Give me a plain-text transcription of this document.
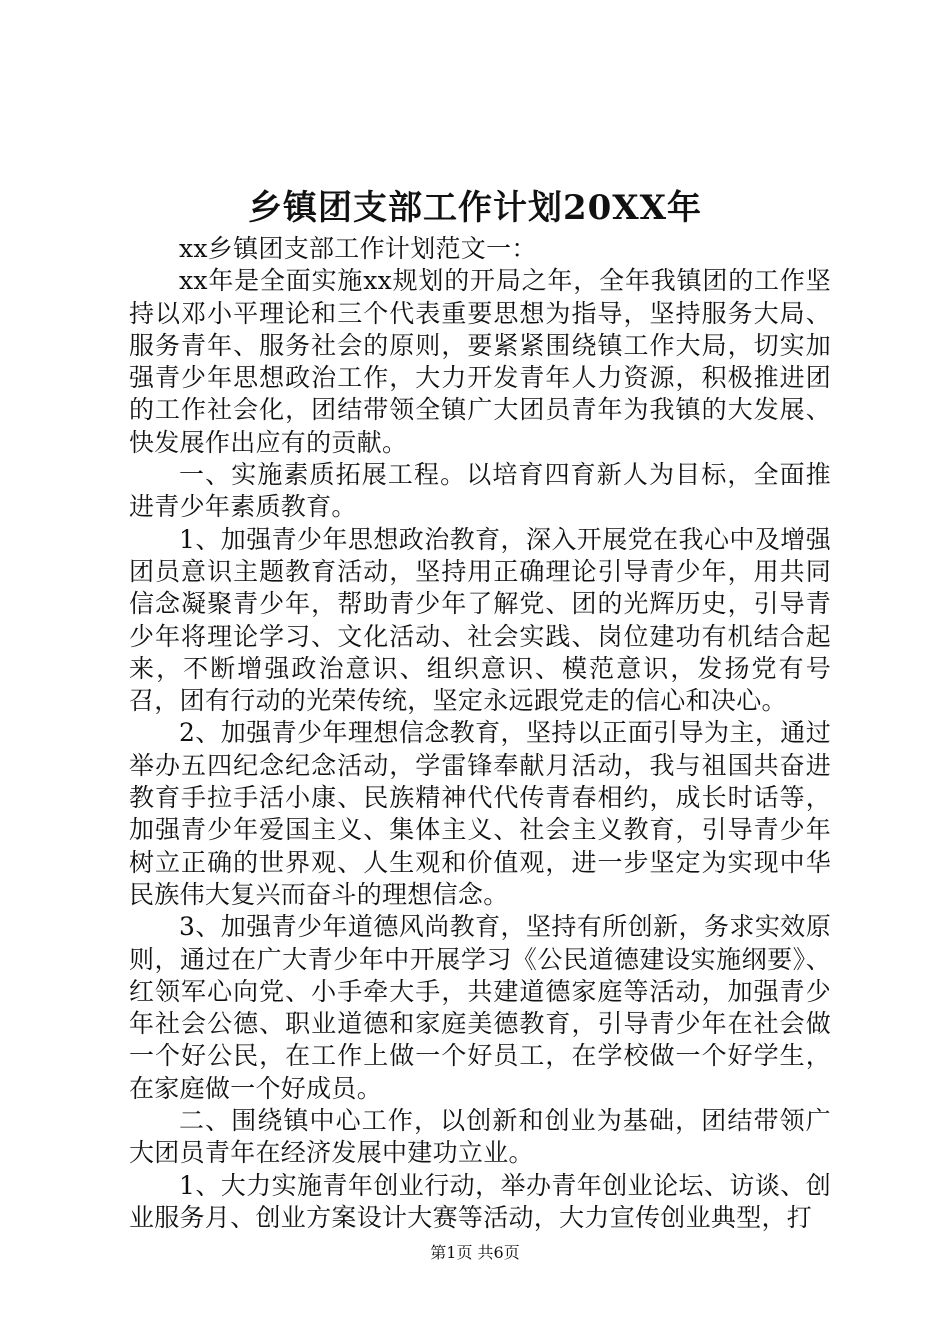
乡镇团支部工作计划20XX年

xx乡镇团支部工作计划范文一：

xx年是全面实施xx规划的开局之年，全年我镇团的工作坚持以邓小平理论和三个代表重要思想为指导，坚持服务大局、服务青年、服务社会的原则，要紧紧围绕镇工作大局，切实加强青少年思想政治工作，大力开发青年人力资源，积极推进团的工作社会化，团结带领全镇广大团员青年为我镇的大发展、快发展作出应有的贡献。

一、实施素质拓展工程。以培育四育新人为目标，全面推进青少年素质教育。

1、加强青少年思想政治教育，深入开展党在我心中及增强团员意识主题教育活动，坚持用正确理论引导青少年，用共同信念凝聚青少年，帮助青少年了解党、团的光辉历史，引导青少年将理论学习、文化活动、社会实践、岗位建功有机结合起来，不断增强政治意识、组织意识、模范意识，发扬党有号召，团有行动的光荣传统，坚定永远跟党走的信心和决心。

2、加强青少年理想信念教育，坚持以正面引导为主，通过举办五四纪念纪念活动，学雷锋奉献月活动，我与祖国共奋进教育手拉手活小康、民族精神代代传青春相约，成长时话等，加强青少年爱国主义、集体主义、社会主义教育，引导青少年树立正确的世界观、人生观和价值观，进一步坚定为实现中华民族伟大复兴而奋斗的理想信念。

3、加强青少年道德风尚教育，坚持有所创新，务求实效原则，通过在广大青少年中开展学习《公民道德建设实施纲要》、红领军心向党、小手牵大手，共建道德家庭等活动，加强青少年社会公德、职业道德和家庭美德教育，引导青少年在社会做一个好公民，在工作上做一个好员工，在学校做一个好学生，在家庭做一个好成员。

二、围绕镇中心工作，以创新和创业为基础，团结带领广大团员青年在经济发展中建功立业。

1、大力实施青年创业行动，举办青年创业论坛、访谈、创业服务月、创业方案设计大赛等活动，大力宣传创业典型，打

第1页 共6页
